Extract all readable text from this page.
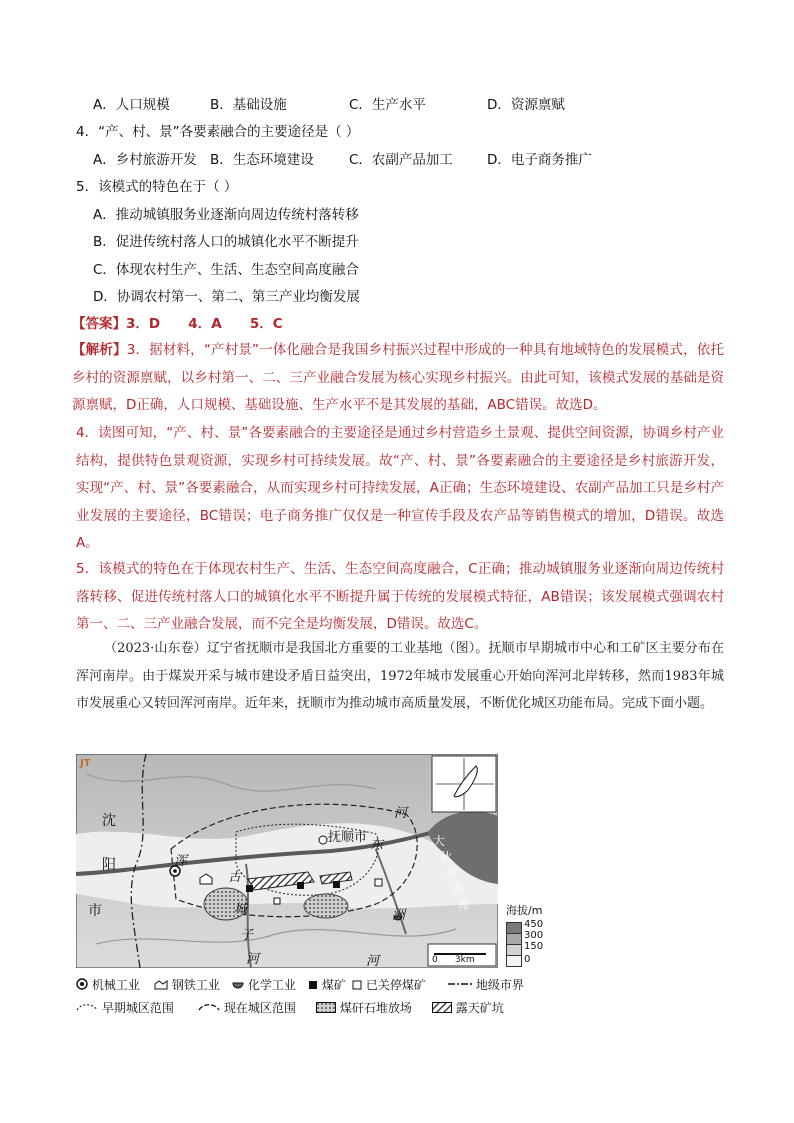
A．人口规模	B．基础设施	C．生产水平	D．资源禀赋
4．“产、村、景”各要素融合的主要途径是（ ）
A．乡村旅游开发 B．生态环境建设	C．农副产品加工	D．电子商务推广
5．该模式的特色在于（ ）
A．推动城镇服务业逐渐向周边传统村落转移
B．促进传统村落人口的城镇化水平不断提升
C．体现农村生产、生活、生态空间高度融合
D．协调农村第一、第二、第三产业均衡发展
【答案】3．D      4．A      5．C
【解析】3．据材料，“产村景”一体化融合是我国乡村振兴过程中形成的一种具有地域特色的发展模式，依托乡村的资源禀赋，以乡村第一、二、三产业融合发展为核心实现乡村振兴。由此可知，该模式发展的基础是资源禀赋，D正确，人口规模、基础设施、生产水平不是其发展的基础，ABC错误。故选D。
4．读图可知，“产、村、景”各要素融合的主要途径是通过乡村营造乡土景观、提供空间资源，协调乡村产业结构，提供特色景观资源，实现乡村可持续发展。故“产、村、景”各要素融合的主要途径是乡村旅游开发，实现“产、村、景”各要素融合，从而实现乡村可持续发展，A正确；生态环境建设、农副产品加工只是乡村产业发展的主要途径，BC错误；电子商务推广仅仅是一种宣传手段及农产品等销售模式的增加，D错误。故选A。
5．该模式的特色在于体现农村生产、生活、生态空间高度融合，C正确；推动城镇服务业逐渐向周边传统村落转移、促进传统村落人口的城镇化水平不断提升属于传统的发展模式特征，AB错误；该发展模式强调农村第一、二、三产业融合发展，而不完全是均衡发展，D错误。故选C。
（2023·山东卷）辽宁省抚顺市是我国北方重要的工业基地（图）。抚顺市早期城市中心和工矿区主要分布在浑河南岸。由于煤炭开采与城市建设矛盾日益突出，1972年城市发展重心开始向浑河北岸转移，然而1983年城市发展重心又转回浑河南岸。近年来，抚顺市为推动城市高质量发展，不断优化城区功能布局。完成下面小题。
JT
抚顺市
沈
阳
市
浑
河
东
洲
河
古
城
子
河
大
伙
房
水
库
0      3km
海拔/m
450
300
150
0
机械工业	钢铁工业	化学工业	煤矿	已关停煤矿	地级市界
早期城区范围	现在城区范围	煤矸石堆放场	露天矿坑
